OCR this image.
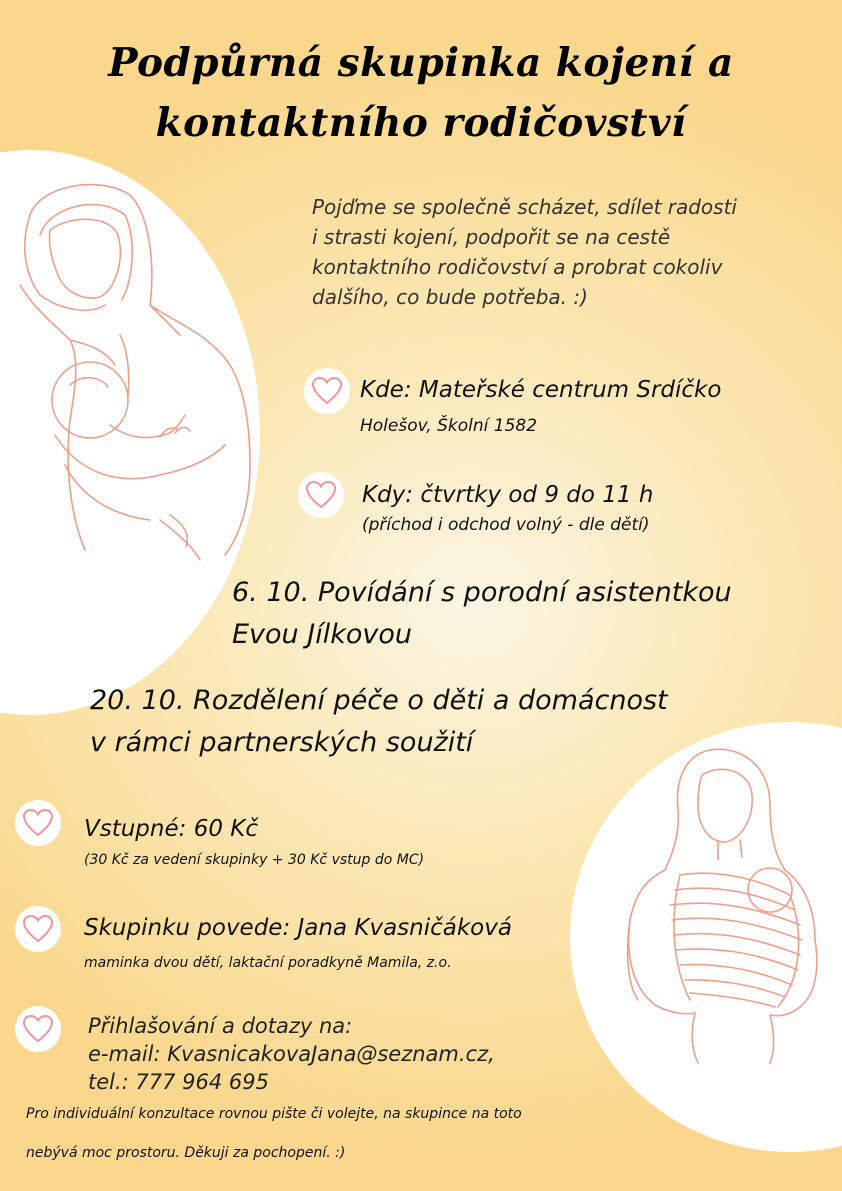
Podpůrná skupinka kojení a
kontaktního rodičovství
Pojďme se společně scházet, sdílet radosti
i strasti kojení, podpořit se na cestě
kontaktního rodičovství a probrat cokoliv
dalšího, co bude potřeba. :)
Kde: Mateřské centrum Srdíčko
Holešov, Školní 1582
Kdy: čtvrtky od 9 do 11 h
(příchod i odchod volný - dle dětí)
6. 10. Povídání s porodní asistentkou
Evou Jílkovou
20. 10. Rozdělení péče o děti a domácnost
v rámci partnerských soužití
Vstupné: 60 Kč
(30 Kč za vedení skupinky + 30 Kč vstup do MC)
Skupinku povede: Jana Kvasničáková
maminka dvou dětí, laktační poradkyně Mamila, z.o.
Přihlašování a dotazy na:
e-mail: KvasnicakovaJana@seznam.cz,
tel.: 777 964 695
Pro individuální konzultace rovnou pište či volejte, na skupince na toto
nebývá moc prostoru. Děkuji za pochopení. :)
